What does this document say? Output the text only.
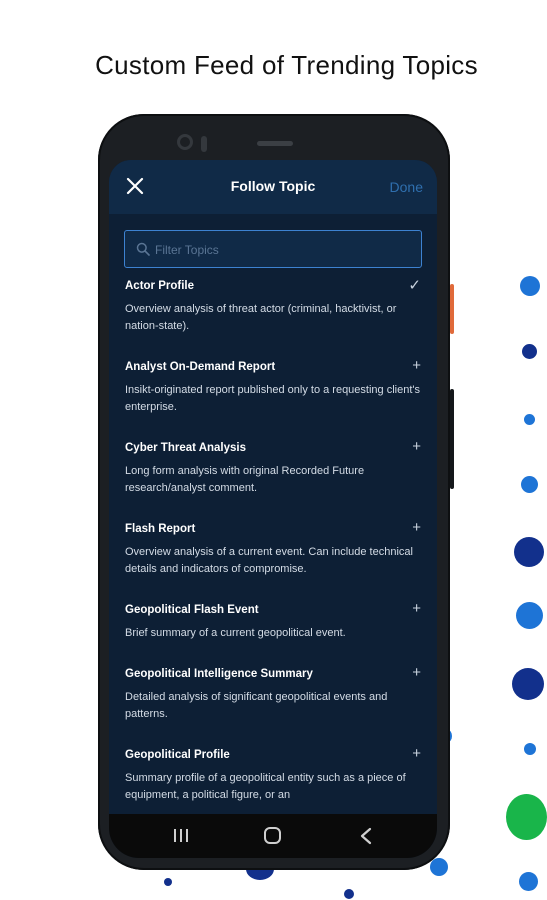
Custom Feed of Trending Topics
Follow Topic	Done
Filter Topics
Actor Profile	✓
Overview analysis of threat actor (criminal, hacktivist, or nation-state).
Analyst On-Demand Report	+
Insikt-originated report published only to a requesting client's enterprise.
Cyber Threat Analysis	+
Long form analysis with original Recorded Future research/analyst comment.
Flash Report	+
Overview analysis of a current event. Can include technical details and indicators of compromise.
Geopolitical Flash Event	+
Brief summary of a current geopolitical event.
Geopolitical Intelligence Summary	+
Detailed analysis of significant geopolitical events and patterns.
Geopolitical Profile	+
Summary profile of a geopolitical entity such as a piece of equipment, a political figure, or an
